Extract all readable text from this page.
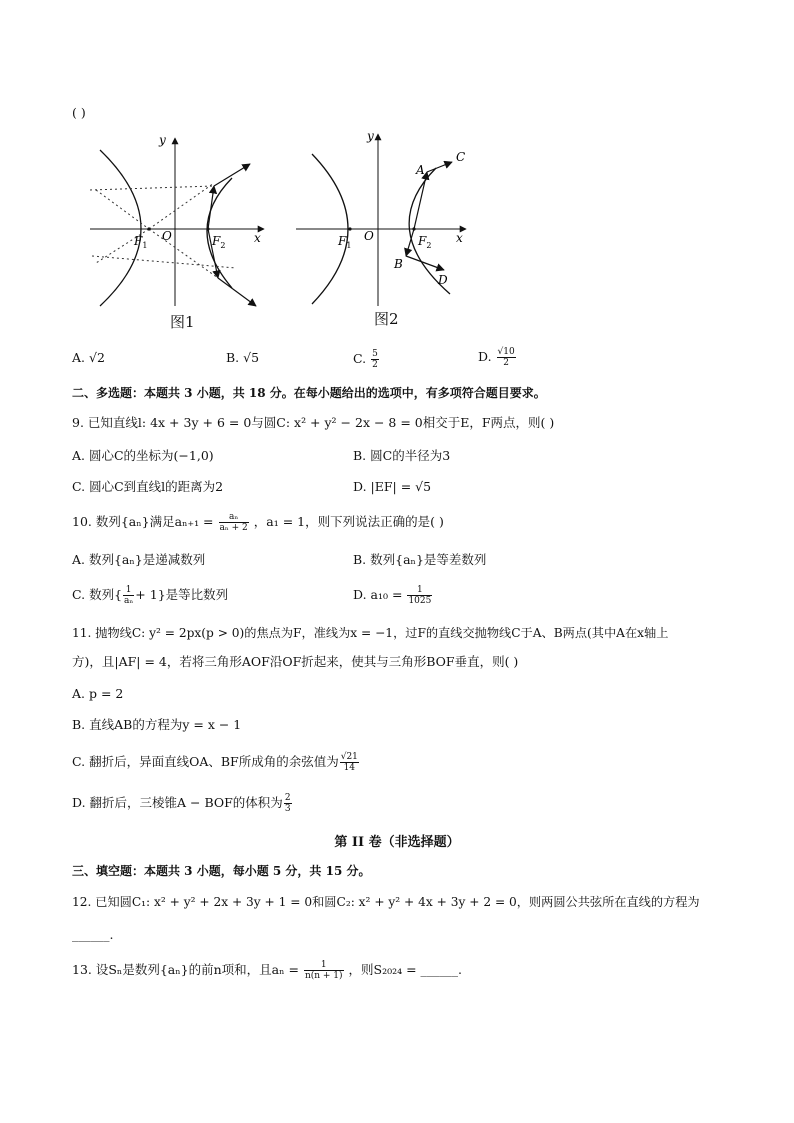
( )
y
x
O
$F_1$	$F_2$
图1
y
x
O
$F_1$	$F_2$
A
B
C
D
图2
A. √2	B. √5	C. $\frac{5}{2}$	D. $\frac{√10}{2}$
二、多选题：本题共 3 小题，共 18 分。在每小题给出的选项中，有多项符合题目要求。
9. 已知直线l: 4x + 3y + 6 = 0与圆C: x² + y² − 2x − 8 = 0相交于E，F两点，则( )
A. 圆心C的坐标为(−1,0)	B. 圆C的半径为3
C. 圆心C到直线l的距离为2	D. |EF| = √5
10. 数列{aₙ}满足$a_{n+1} = \frac{\text{aₙ}}{\text{aₙ + 2}}$ ，a₁ = 1，则下列说法正确的是( )
A. 数列{aₙ}是递减数列	B. 数列{aₙ}是等差数列
C. 数列{ $\frac{1}{\text{aₙ}} + 1$}是等比数列	D. $a_{10} = \frac{1}{1025}$
11. 抛物线C: y² = 2px(p > 0)的焦点为F，准线为x = −1，过F的直线交抛物线C于A、B两点(其中A在x轴上
方)，且|AF| = 4，若将三角形AOF沿OF折起来，使其与三角形BOF垂直，则( )
A. p = 2
B. 直线AB的方程为y = x − 1
C. 翻折后，异面直线OA、BF所成角的余弦值为 $\frac{√21}{14}$
D. 翻折后，三棱锥A − BOF的体积为 $\frac{2}{3}$
第 II 卷（非选择题）
三、填空题：本题共 3 小题，每小题 5 分，共 15 分。
12. 已知圆C₁: x² + y² + 2x + 3y + 1 = 0和圆C₂: x² + y² + 4x + 3y + 2 = 0，则两圆公共弦所在直线的方程为
______.
13. 设Sₙ是数列{aₙ}的前n项和，且$a_n = \frac{1}{n(n + 1)}$ ，则S₂₀₂₄ = ______.
